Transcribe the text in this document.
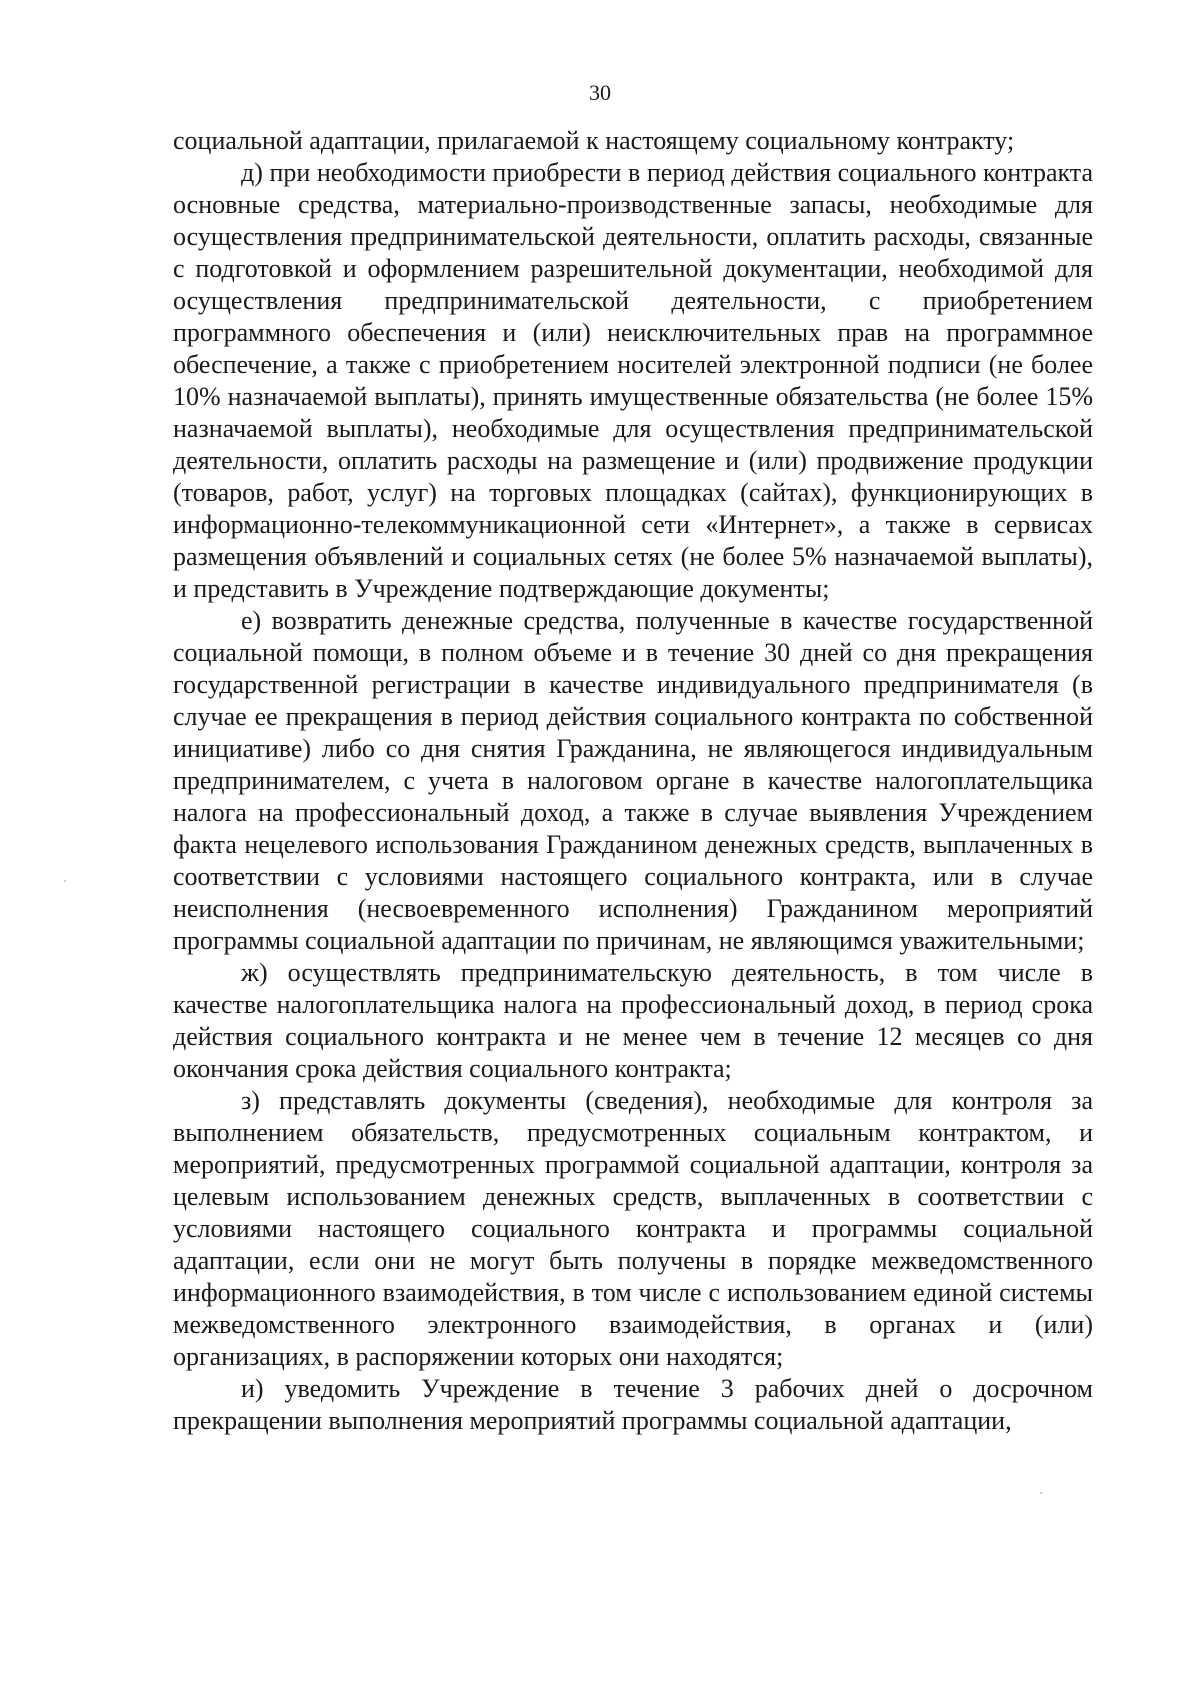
30

социальной адаптации, прилагаемой к настоящему социальному контракту;

д) при необходимости приобрести в период действия социального контракта основные средства, материально-производственные запасы, необходимые для осуществления предпринимательской деятельности, оплатить расходы, связанные с подготовкой и оформлением разрешительной документации, необходимой для осуществления предпринимательской деятельности, с приобретением программного обеспечения и (или) неисключительных прав на программное обеспечение, а также с приобретением носителей электронной подписи (не более 10% назначаемой выплаты), принять имущественные обязательства (не более 15% назначаемой выплаты), необходимые для осуществления предпринимательской деятельности, оплатить расходы на размещение и (или) продвижение продукции (товаров, работ, услуг) на торговых площадках (сайтах), функционирующих в информационно-телекоммуникационной сети «Интернет», а также в сервисах размещения объявлений и социальных сетях (не более 5% назначаемой выплаты), и представить в Учреждение подтверждающие документы;

е) возвратить денежные средства, полученные в качестве государственной социальной помощи, в полном объеме и в течение 30 дней со дня прекращения государственной регистрации в качестве индивидуального предпринимателя (в случае ее прекращения в период действия социального контракта по собственной инициативе) либо со дня снятия Гражданина, не являющегося индивидуальным предпринимателем, с учета в налоговом органе в качестве налогоплательщика налога на профессиональный доход, а также в случае выявления Учреждением факта нецелевого использования Гражданином денежных средств, выплаченных в соответствии с условиями настоящего социального контракта, или в случае неисполнения (несвоевременного исполнения) Гражданином мероприятий программы социальной адаптации по причинам, не являющимся уважительными;

ж) осуществлять предпринимательскую деятельность, в том числе в качестве налогоплательщика налога на профессиональный доход, в период срока действия социального контракта и не менее чем в течение 12 месяцев со дня окончания срока действия социального контракта;

з) представлять документы (сведения), необходимые для контроля за выполнением обязательств, предусмотренных социальным контрактом, и мероприятий, предусмотренных программой социальной адаптации, контроля за целевым использованием денежных средств, выплаченных в соответствии с условиями настоящего социального контракта и программы социальной адаптации, если они не могут быть получены в порядке межведомственного информационного взаимодействия, в том числе с использованием единой системы межведомственного электронного взаимодействия, в органах и (или) организациях, в распоряжении которых они находятся;

и) уведомить Учреждение в течение 3 рабочих дней о досрочном прекращении выполнения мероприятий программы социальной адаптации,
